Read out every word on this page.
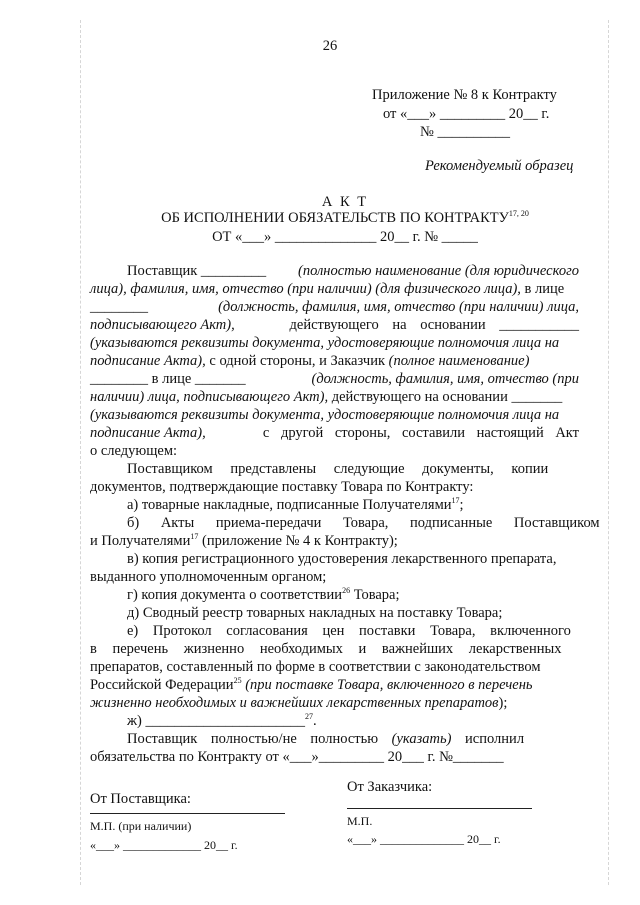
26
Приложение № 8 к Контракту
от «___» _________ 20__ г.
№ __________
Рекомендуемый образец
А К Т
ОБ ИСПОЛНЕНИИ ОБЯЗАТЕЛЬСТВ ПО КОНТРАКТУ$^{17, 20}$
ОТ «___» ______________ 20__ г. № _____
Поставщик _________ (полностью наименование (для юридического
лица), фамилия, имя, отчество (при наличии) (для физического лица), в лице
________	(должность, фамилия, имя, отчество (при наличии) лица,
подписывающего Акт),	действующего на основании ___________
(указываются реквизиты документа, удостоверяющие полномочия лица на
подписание Акта), с одной стороны, и Заказчик (полное наименование)
________ в лице _______	(должность, фамилия, имя, отчество (при
наличии) лица, подписывающего Акт), действующего на основании _______
(указываются реквизиты документа, удостоверяющие полномочия лица на
подписание Акта),	с другой стороны, составили настоящий Акт
о следующем:
Поставщиком представлены следующие документы, копии
документов, подтверждающие поставку Товара по Контракту:
а) товарные накладные, подписанные Получателями$^{17}$;
б) Акты приема-передачи Товара, подписанные Поставщиком
и Получателями$^{17}$ (приложение № 4 к Контракту);
в) копия регистрационного удостоверения лекарственного препарата,
выданного уполномоченным органом;
г) копия документа о соответствии$^{26}$ Товара;
д) Сводный реестр товарных накладных на поставку Товара;
е) Протокол согласования цен поставки Товара, включенного
в перечень жизненно необходимых и важнейших лекарственных
препаратов, составленный по форме в соответствии с законодательством
Российской Федерации$^{25}$ (при поставке Товара, включенного в перечень
жизненно необходимых и важнейших лекарственных препаратов);
ж) ______________________$^{27}$.
Поставщик полностью/не полностью (указать) исполнил
обязательства по Контракту от «___»_________ 20___ г. №_______
От Поставщика:
От Заказчика:
М.П. (при наличии)	М.П.
«___» _____________ 20__ г.	«___» ______________ 20__ г.
